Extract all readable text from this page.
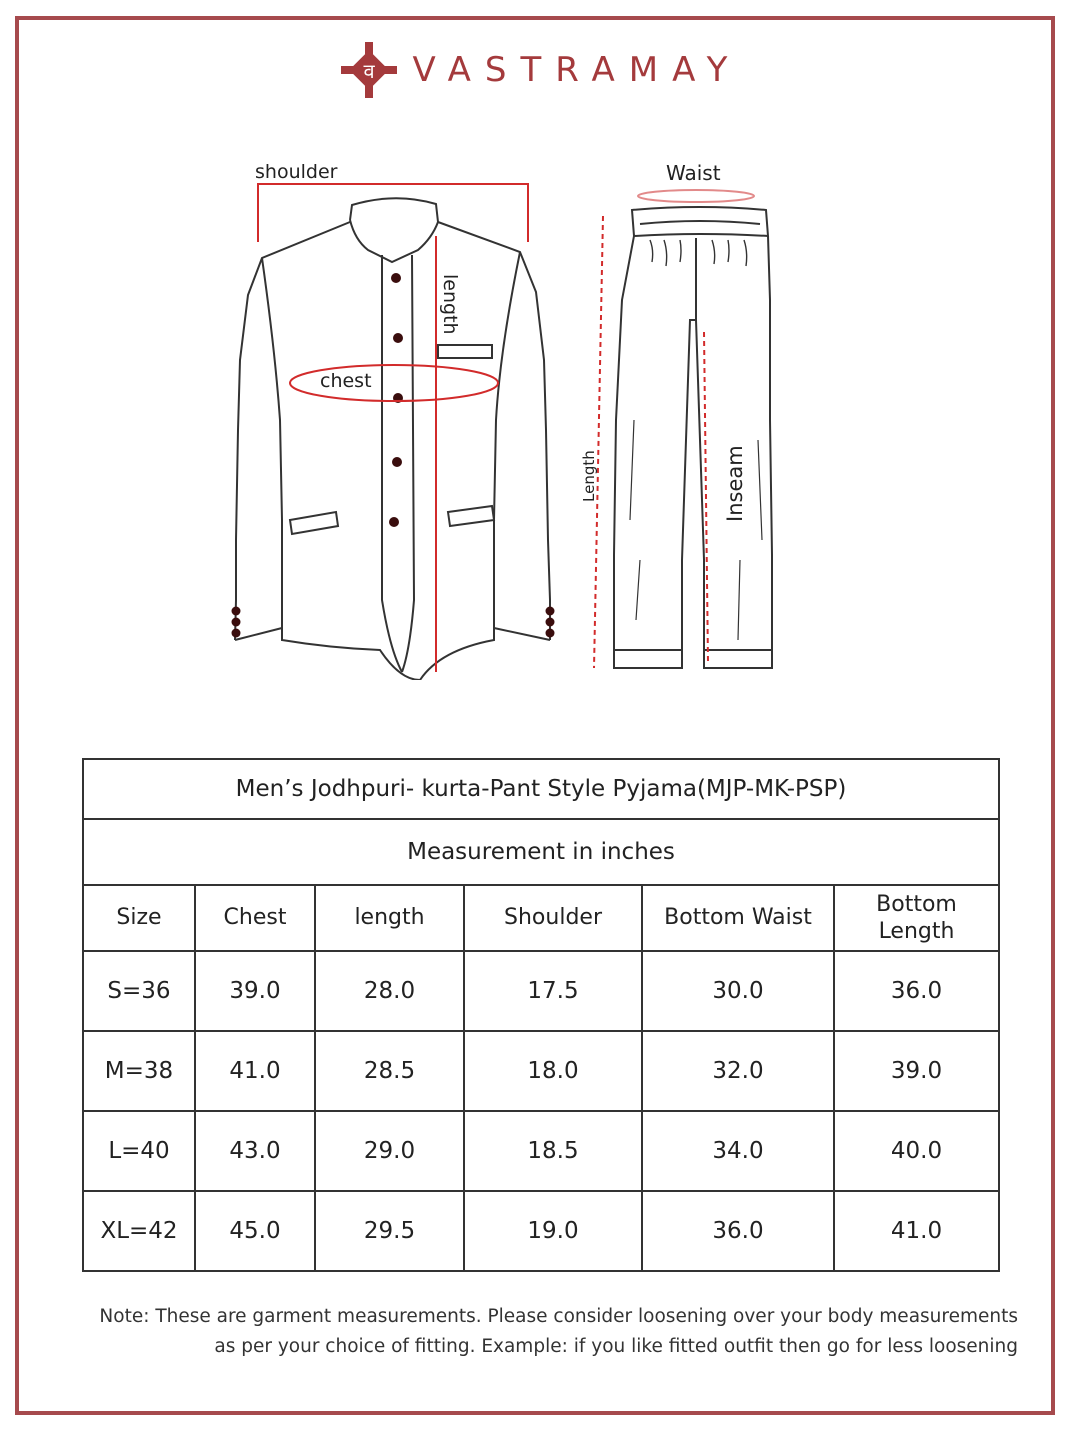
व VASTRAMAY
shoulder
length
chest
Waist
Length	Inseam
Men’s Jodhpuri- kurta-Pant Style Pyjama(MJP-MK-PSP)					
Measurement in inches					
Size	Chest	length	Shoulder	Bottom Waist	Bottom Length
S=36	39.0	28.0	17.5	30.0	36.0
M=38	41.0	28.5	18.0	32.0	39.0
L=40	43.0	29.0	18.5	34.0	40.0
XL=42	45.0	29.5	19.0	36.0	41.0
Note: These are garment measurements. Please consider loosening over your body measurements
as per your choice of fitting. Example: if you like fitted outfit then go for less loosening
